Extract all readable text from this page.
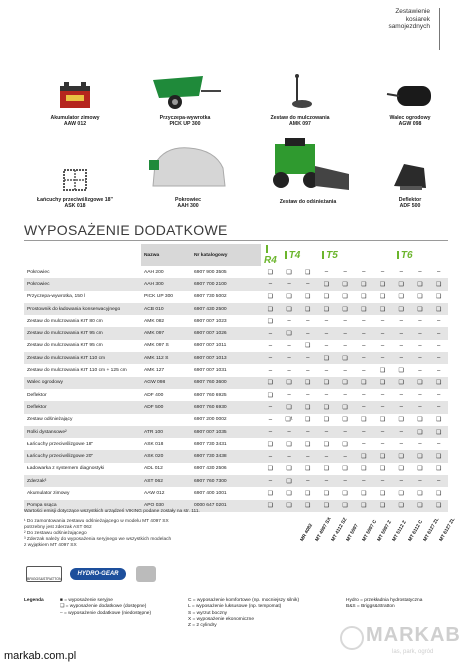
Zestawienie
kosiarek
samojezdnych
Akumulator zimowy
AAW 012
Przyczepa-wywrotka
PICK UP 300
Zestaw do mulczowania
AMK 097
Walec ogrodowy
AGW 098
Łańcuchy przeciwślizgowe 18"
ASK 018
Pokrowiec
AAH 300
Zestaw do odśnieżania	Deflektor
ADF 500
WYPOSAŻENIE DODATKOWE
	Nazwa	Nr katalogowy	R4	T4		T5				T6		
Pokrowiec	AAH 200	6907 900 3505	❑	❑	❑	–	–	–	–	–	–	–
Pokrowiec	AAH 300	6907 700 2100	–	–	–	❑	❑	❑	❑	❑	❑	❑
Przyczepa-wywrotka, 150 l	PICK UP 300	6907 730 5002	❑	❑	❑	❑	❑	❑	❑	❑	❑	❑
Prostownik do ładowania konserwacyjnego	ACB 010	6907 430 2500	❑	❑	❑	❑	❑	❑	❑	❑	❑	❑
Zestaw do mulczowania KIT 80 cm	AMK 082	6907 007 1023	❑	–	–	–	–	–	–	–	–	–
Zestaw do mulczowania KIT 95 cm	AMK 097	6907 007 1026	–	❑	–	–	–	–	–	–	–	–
Zestaw do mulczowania KIT 95 cm	AMK 097 S	6907 007 1011	–	–	❑	–	–	–	–	–	–	–
Zestaw do mulczowania KIT 110 cm	AMK 112 S	6907 007 1013	–	–	–	❑	❑	–	–	–	–	–
Zestaw do mulczowania KIT 110 cm + 125 cm	AMK 127	6907 007 1031	–	–	–	–	–	–	❑	❑	–	–
Walec ogrodowy	AGW 098	6907 760 3600	❑	❑	❑	❑	❑	❑	❑	❑	❑	❑
Deflektor	ADF 400	6907 760 6925	❑	–	–	–	–	–	–	–	–	–
Deflektor	ADF 500	6907 760 6930	–	❑	❑	❑	❑	–	–	–	–	–
Zestaw odśnieżający		6907 200 0002	–	❑¹	❑	❑	❑	❑	❑	❑	❑	❑
Rolki dystansowe²	ATR 100	6907 007 1035	–	–	–	–	–	–	–	–	❑	❑
Łańcuchy przeciwślizgowe 18"	ASK 018	6907 730 3431	❑	❑	❑	❑	❑	–	–	–	–	–
Łańcuchy przeciwślizgowe 20"	ASK 020	6907 730 3438	–	–	–	–	–	❑	❑	❑	❑	❑
Ładowarka z systemem diagnostyki	ADL 012	6907 430 2506	❑	❑	❑	❑	❑	❑	❑	❑	❑	❑
Zderzak³	AST 062	6907 760 7300	–	❑	–	–	–	–	–	–	–	–
Akumulator zimowy	AAW 012	6907 400 1001	❑	❑	❑	❑	❑	❑	❑	❑	❑	❑
Pompa ssąca	APO 030	0000 647 0201	❑	❑	❑	❑	❑	❑	❑	❑	❑	❑
Wartości emisji dotyczące wszystkich urządzeń VIKING podane zostały na str. 111.
¹ Do zamontowania zestawu odśnieżającego w modelu MT 4097 SX
potrzebny jest zderzak AST 062
² Do zestawu odśnieżającego
³ Zderzak należy do wyposażenia seryjnego we wszystkich modelach
z wyjątkiem MT 4097 SX
MR 4082 MT 4097 SX
MT 4112 SZ
MT 5097 MT 5097 C MT 5097 Z MT 5112 Z MT 6112 C MT 6127 ZL
MT 6127 ZL
BRIGGS&STRATTON
HYDRO-GEAR
Legenda	■ = wyposażenie seryjne
❑ = wyposażenie dodatkowe (dostępne)
– = wyposażenie dodatkowe (niedostępne)
C = wyposażenie komfortowe (np. mocniejszy silnik)
L = wyposażenie luksusowe (np. tempomat)
S = wyrzut boczny
X = wyposażenie ekonomiczne
Z = 2 cylindry
Hydro = przekładnia hydrostatyczna
B&S = Briggs&Stratton
MARKAB
las, park, ogród
markab.com.pl
